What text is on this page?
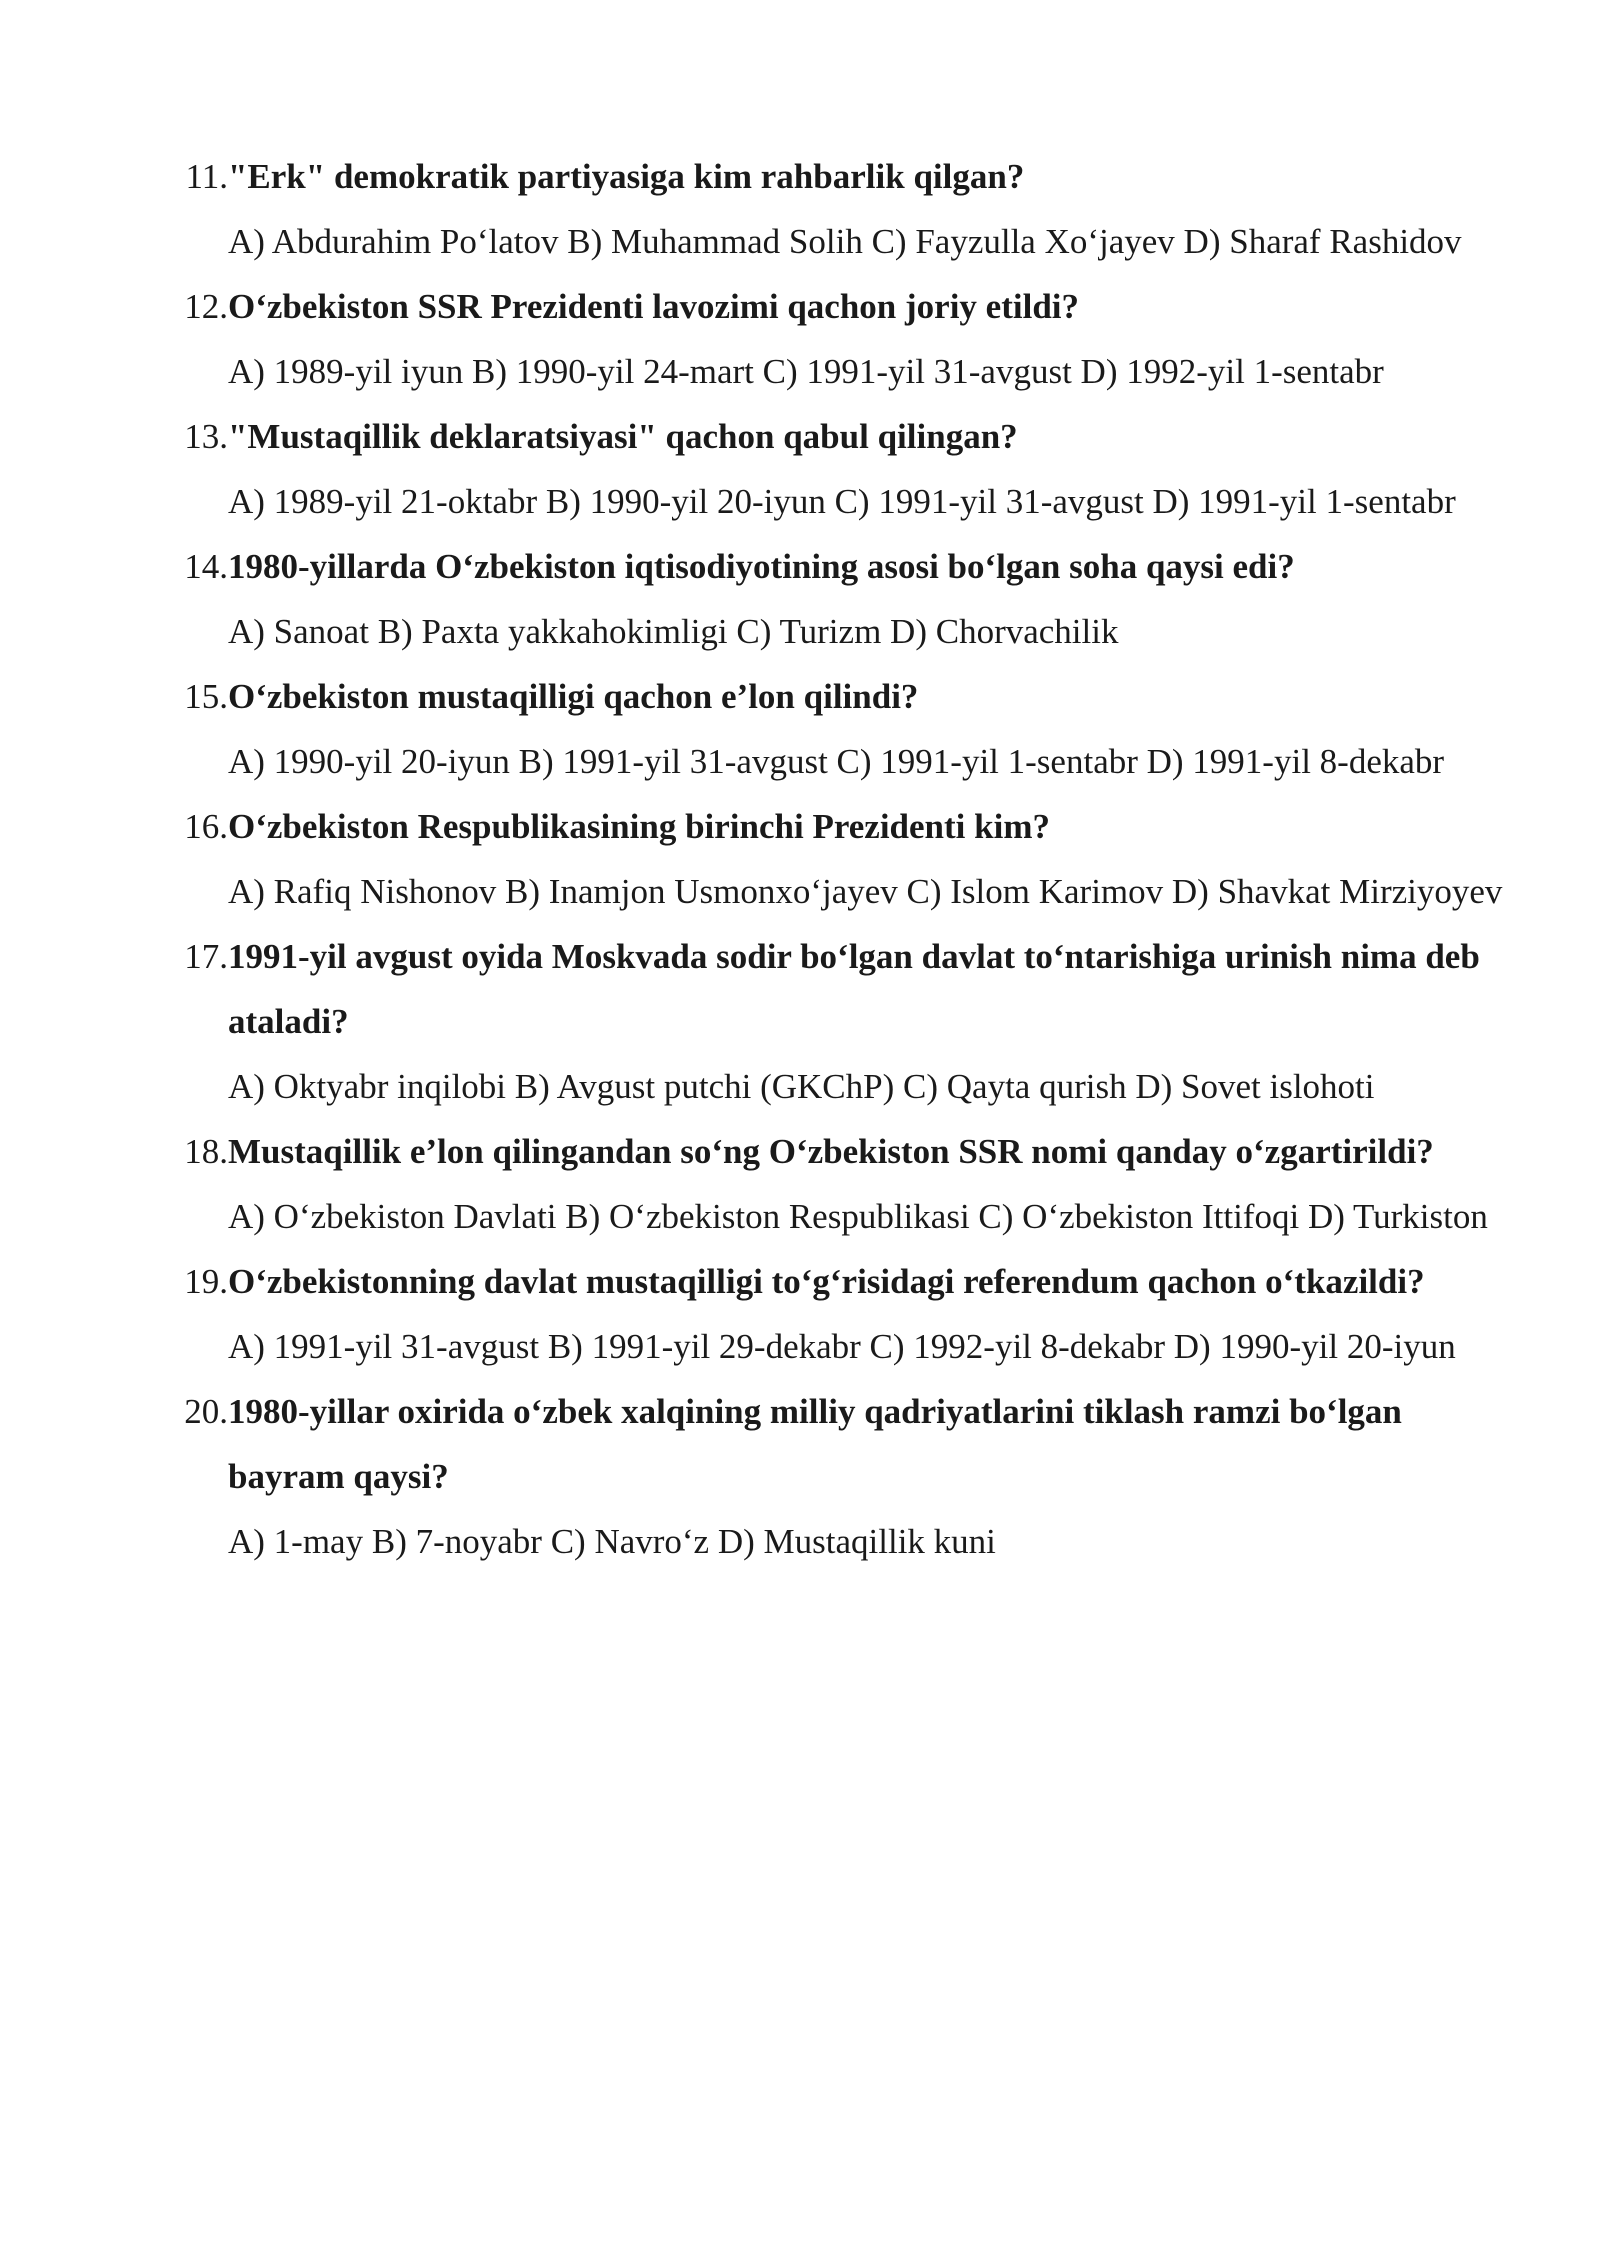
11. "Erk" demokratik partiyasiga kim rahbarlik qilgan?
A) Abdurahim Po‘latov B) Muhammad Solih C) Fayzulla Xo‘jayev D) Sharaf Rashidov
12. O‘zbekiston SSR Prezidenti lavozimi qachon joriy etildi?
A) 1989-yil iyun B) 1990-yil 24-mart C) 1991-yil 31-avgust D) 1992-yil 1-sentabr
13. "Mustaqillik deklaratsiyasi" qachon qabul qilingan?
A) 1989-yil 21-oktabr B) 1990-yil 20-iyun C) 1991-yil 31-avgust D) 1991-yil 1-sentabr
14. 1980-yillarda O‘zbekiston iqtisodiyotining asosi bo‘lgan soha qaysi edi?
A) Sanoat B) Paxta yakkahokimligi C) Turizm D) Chorvachilik
15. O‘zbekiston mustaqilligi qachon e’lon qilindi?
A) 1990-yil 20-iyun B) 1991-yil 31-avgust C) 1991-yil 1-sentabr D) 1991-yil 8-dekabr
16. O‘zbekiston Respublikasining birinchi Prezidenti kim?
A) Rafiq Nishonov B) Inamjon Usmonxo‘jayev C) Islom Karimov D) Shavkat Mirziyoyev
17. 1991-yil avgust oyida Moskvada sodir bo‘lgan davlat to‘ntarishiga urinish nima deb ataladi?
A) Oktyabr inqilobi B) Avgust putchi (GKChP) C) Qayta qurish D) Sovet islohoti
18. Mustaqillik e’lon qilingandan so‘ng O‘zbekiston SSR nomi qanday o‘zgartirildi?
A) O‘zbekiston Davlati B) O‘zbekiston Respublikasi C) O‘zbekiston Ittifoqi D) Turkiston
19. O‘zbekistonning davlat mustaqilligi to‘g‘risidagi referendum qachon o‘tkazildi?
A) 1991-yil 31-avgust B) 1991-yil 29-dekabr C) 1992-yil 8-dekabr D) 1990-yil 20-iyun
20. 1980-yillar oxirida o‘zbek xalqining milliy qadriyatlarini tiklash ramzi bo‘lgan bayram qaysi?
A) 1-may B) 7-noyabr C) Navro‘z D) Mustaqillik kuni
